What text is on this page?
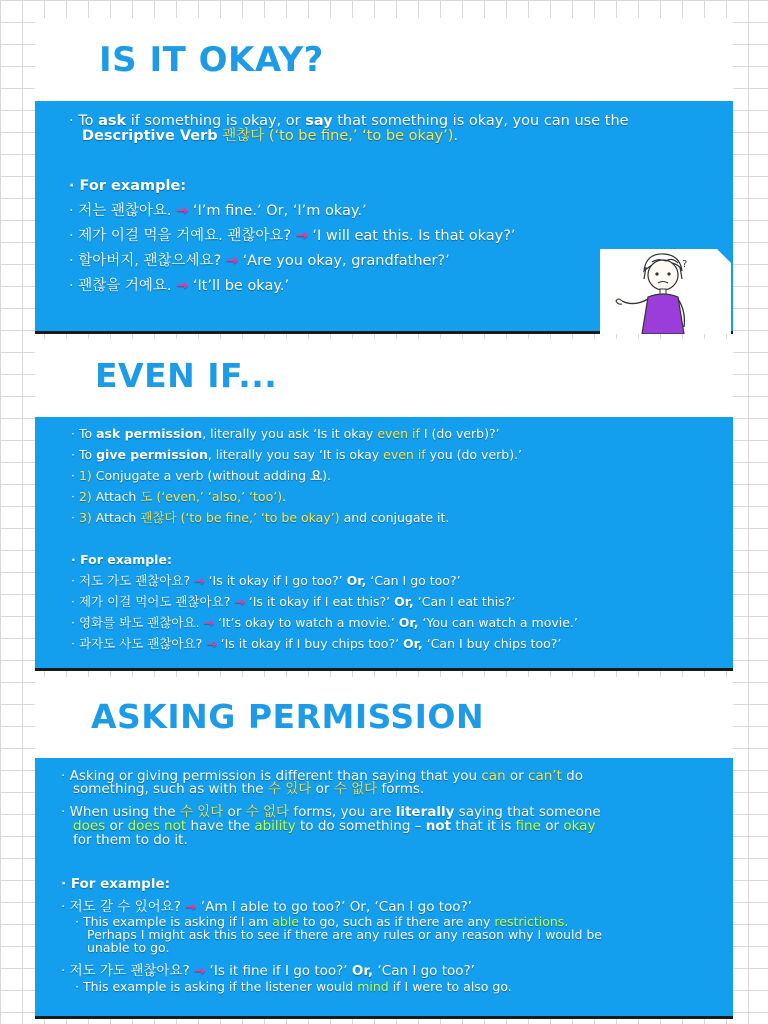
IS IT OKAY?
· To ask if something is okay, or say that something is okay, you can use the
Descriptive Verb 괜찮다 (‘to be fine,’ ‘to be okay’).
· For example:
· 저는 괜찮아요. → ‘I’m fine.’ Or, ‘I’m okay.’
· 제가 이걸 먹을 거예요. 괜찮아요? → ‘I will eat this. Is that okay?’
· 할아버지, 괜찮으세요? → ‘Are you okay, grandfather?’
· 괜찮을 거예요. → ‘It’ll be okay.’
?
EVEN IF...
· To ask permission, literally you ask ‘Is it okay even if I (do verb)?’
· To give permission, literally you say ‘It is okay even if you (do verb).’
· 1) Conjugate a verb (without adding 요).
· 2) Attach 도 (‘even,’ ‘also,’ ‘too’).
· 3) Attach 괜찮다 (‘to be fine,’ ‘to be okay’) and conjugate it.
· For example:
· 저도 가도 괜찮아요? → ‘Is it okay if I go too?’ Or, ‘Can I go too?’
· 제가 이걸 먹어도 괜찮아요? → ‘Is it okay if I eat this?’ Or, ‘Can I eat this?’
· 영화를 봐도 괜찮아요. → ‘It’s okay to watch a movie.’ Or, ‘You can watch a movie.’
· 과자도 사도 괜찮아요? → ‘Is it okay if I buy chips too?’ Or, ‘Can I buy chips too?’
ASKING PERMISSION
· Asking or giving permission is different than saying that you can or can’t do
something, such as with the 수 있다 or 수 없다 forms.
· When using the 수 있다 or 수 없다 forms, you are literally saying that someone
does or does not have the ability to do something – not that it is fine or okay
for them to do it.
· For example:
· 저도 갈 수 있어요? → ‘Am I able to go too?’ Or, ‘Can I go too?’
· This example is asking if I am able to go, such as if there are any restrictions.
Perhaps I might ask this to see if there are any rules or any reason why I would be
unable to go.
· 저도 가도 괜찮아요? → ‘Is it fine if I go too?’ Or, ‘Can I go too?’
· This example is asking if the listener would mind if I were to also go.
